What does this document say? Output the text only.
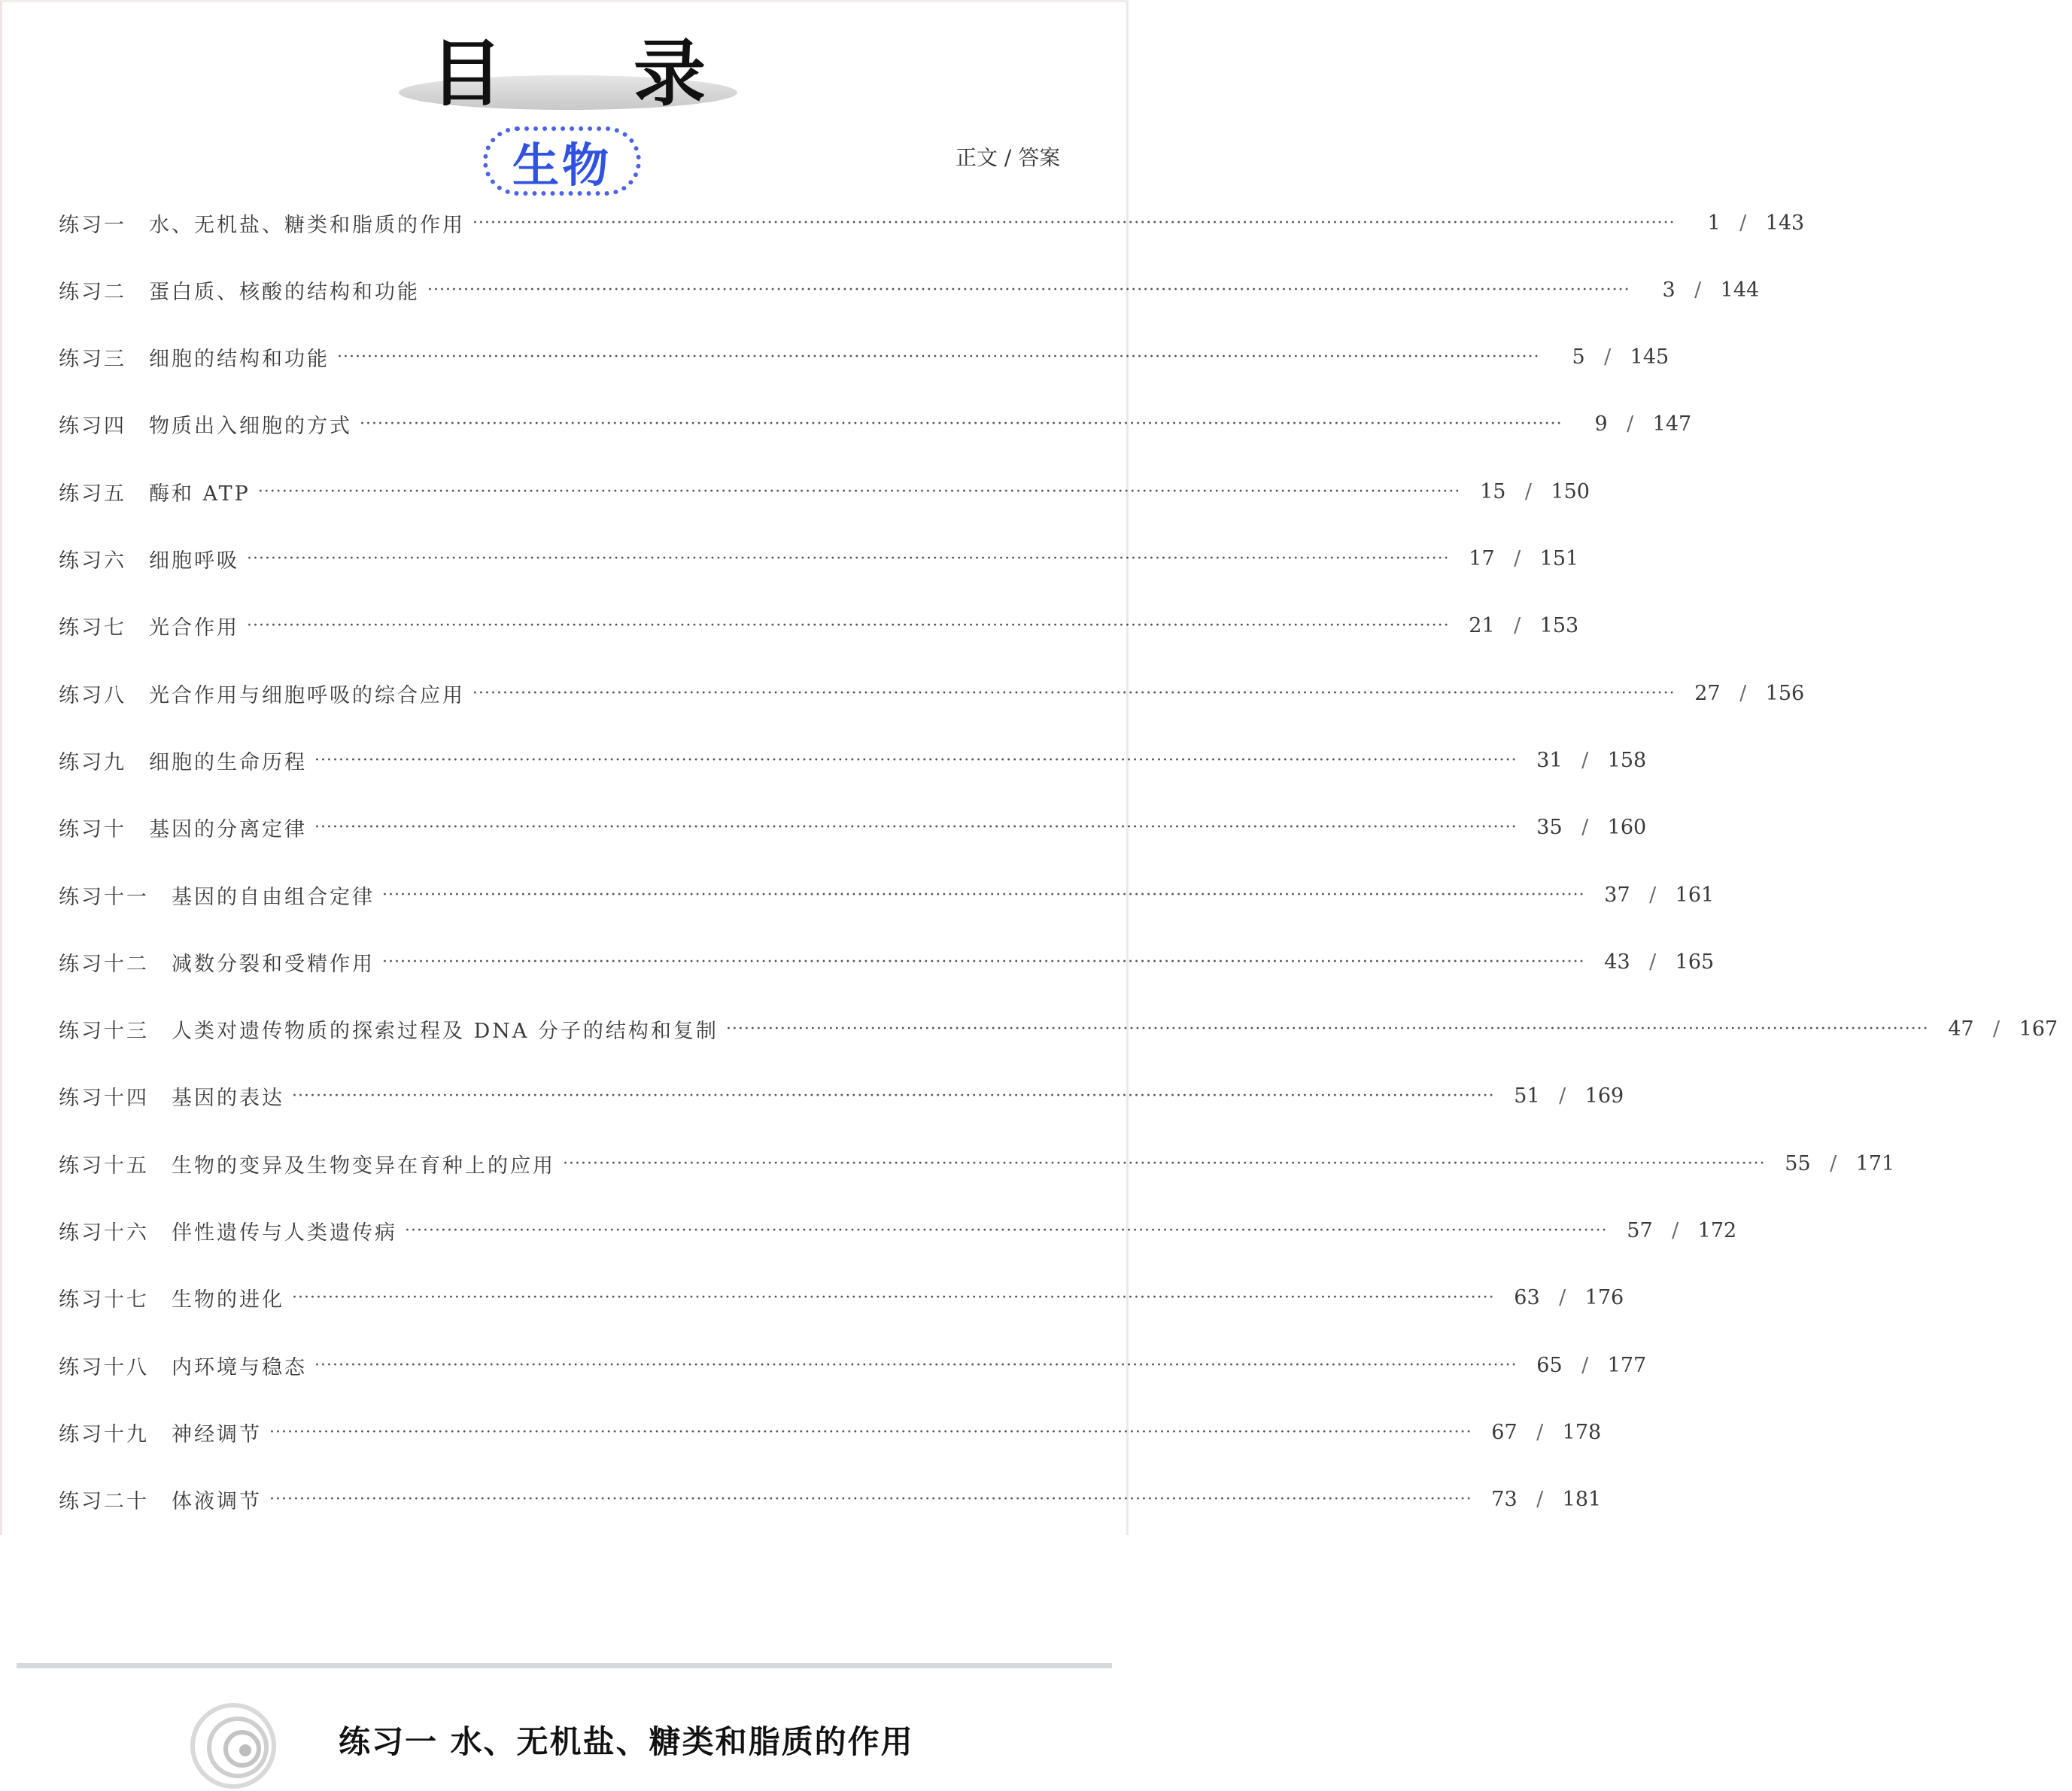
目 录
生物	正文 / 答案
练习一 水、无机盐、糖类和脂质的作用 ········································································································································································································	1 / 143
练习二 蛋白质、核酸的结构和功能 ········································································································································································································	3 / 144
练习三 细胞的结构和功能 ········································································································································································································	5 / 145
练习四 物质出入细胞的方式 ········································································································································································································	9 / 147
练习五 酶和 ATP ········································································································································································································ 15 / 150
练习六 细胞呼吸 ········································································································································································································ 17 / 151
练习七 光合作用 ········································································································································································································ 21 / 153
练习八 光合作用与细胞呼吸的综合应用 ········································································································································································································ 27 / 156
练习九 细胞的生命历程 ········································································································································································································ 31 / 158
练习十 基因的分离定律 ········································································································································································································ 35 / 160
练习十一 基因的自由组合定律 ········································································································································································································ 37 / 161
练习十二 减数分裂和受精作用 ········································································································································································································ 43 / 165
练习十三 人类对遗传物质的探索过程及 DNA 分子的结构和复制 ········································································································································································································ 47 / 167
练习十四 基因的表达 ········································································································································································································ 51 / 169
练习十五 生物的变异及生物变异在育种上的应用 ········································································································································································································ 55 / 171
练习十六 伴性遗传与人类遗传病 ········································································································································································································ 57 / 172
练习十七 生物的进化 ········································································································································································································ 63 / 176
练习十八 内环境与稳态 ········································································································································································································ 65 / 177
练习十九 神经调节 ········································································································································································································ 67 / 178
练习二十 体液调节 ········································································································································································································ 73 / 181
练习一 水、无机盐、糖类和脂质的作用
